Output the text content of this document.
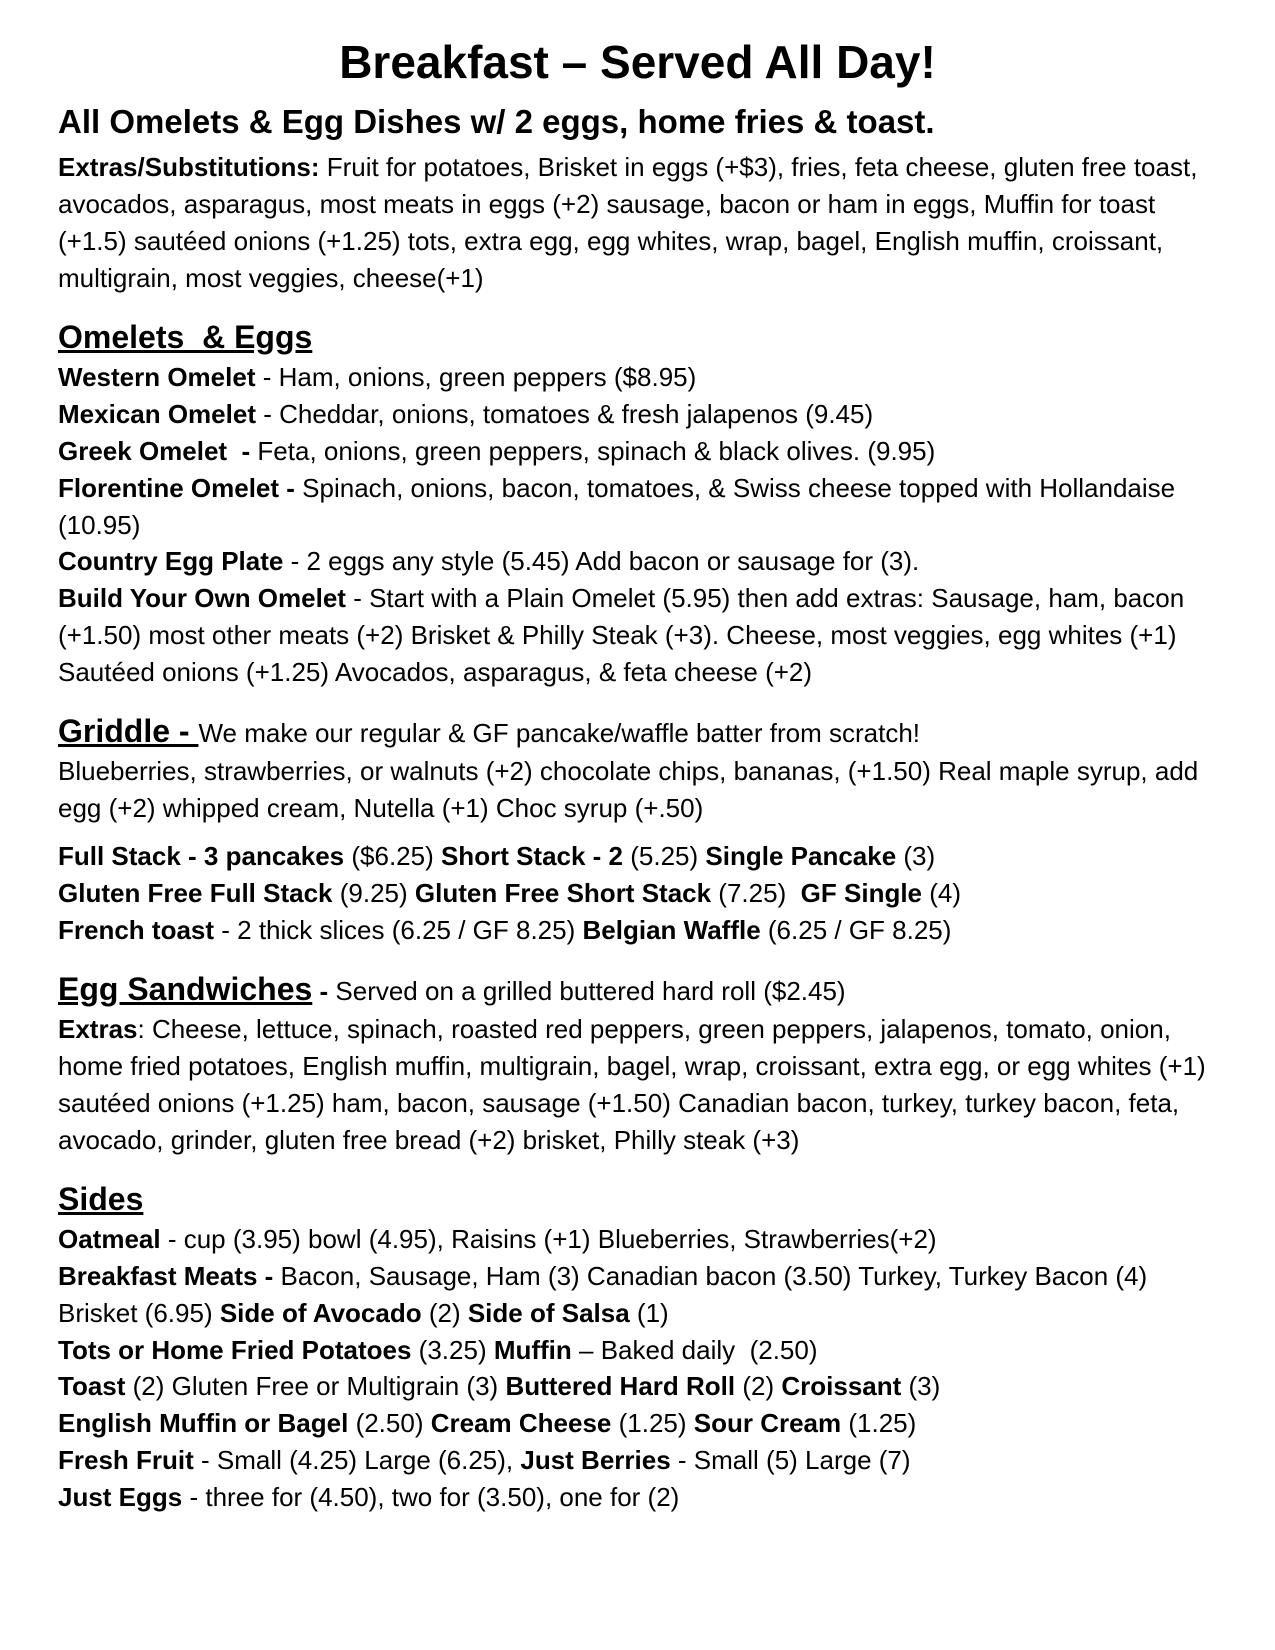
Breakfast – Served All Day!
All Omelets & Egg Dishes w/ 2 eggs, home fries & toast.

Extras/Substitutions: Fruit for potatoes, Brisket in eggs (+$3), fries, feta cheese, gluten free toast, avocados, asparagus, most meats in eggs (+2) sausage, bacon or ham in eggs, Muffin for toast (+1.5) sautéed onions (+1.25) tots, extra egg, egg whites, wrap, bagel, English muffin, croissant, multigrain, most veggies, cheese(+1)

Omelets  & Eggs

Western Omelet - Ham, onions, green peppers ($8.95)

Mexican Omelet - Cheddar, onions, tomatoes & fresh jalapenos (9.45)

Greek Omelet  - Feta, onions, green peppers, spinach & black olives. (9.95)

Florentine Omelet - Spinach, onions, bacon, tomatoes, & Swiss cheese topped with Hollandaise (10.95)

Country Egg Plate - 2 eggs any style (5.45) Add bacon or sausage for (3).

Build Your Own Omelet - Start with a Plain Omelet (5.95) then add extras: Sausage, ham, bacon (+1.50) most other meats (+2) Brisket & Philly Steak (+3). Cheese, most veggies, egg whites (+1) Sautéed onions (+1.25) Avocados, asparagus, & feta cheese (+2)

Griddle - We make our regular & GF pancake/waffle batter from scratch!

Blueberries, strawberries, or walnuts (+2) chocolate chips, bananas, (+1.50) Real maple syrup, add egg (+2) whipped cream, Nutella (+1) Choc syrup (+.50)

Full Stack - 3 pancakes ($6.25) Short Stack - 2 (5.25) Single Pancake (3)

Gluten Free Full Stack (9.25) Gluten Free Short Stack (7.25)  GF Single (4)

French toast - 2 thick slices (6.25 / GF 8.25) Belgian Waffle (6.25 / GF 8.25)

Egg Sandwiches - Served on a grilled buttered hard roll ($2.45)

Extras: Cheese, lettuce, spinach, roasted red peppers, green peppers, jalapenos, tomato, onion, home fried potatoes, English muffin, multigrain, bagel, wrap, croissant, extra egg, or egg whites (+1) sautéed onions (+1.25) ham, bacon, sausage (+1.50) Canadian bacon, turkey, turkey bacon, feta, avocado, grinder, gluten free bread (+2) brisket, Philly steak (+3)

Sides

Oatmeal - cup (3.95) bowl (4.95), Raisins (+1) Blueberries, Strawberries(+2)

Breakfast Meats - Bacon, Sausage, Ham (3) Canadian bacon (3.50) Turkey, Turkey Bacon (4) Brisket (6.95) Side of Avocado (2) Side of Salsa (1)

Tots or Home Fried Potatoes (3.25) Muffin – Baked daily  (2.50)

Toast (2) Gluten Free or Multigrain (3) Buttered Hard Roll (2) Croissant (3)

English Muffin or Bagel (2.50) Cream Cheese (1.25) Sour Cream (1.25)

Fresh Fruit - Small (4.25) Large (6.25), Just Berries - Small (5) Large (7)

Just Eggs - three for (4.50), two for (3.50), one for (2)
